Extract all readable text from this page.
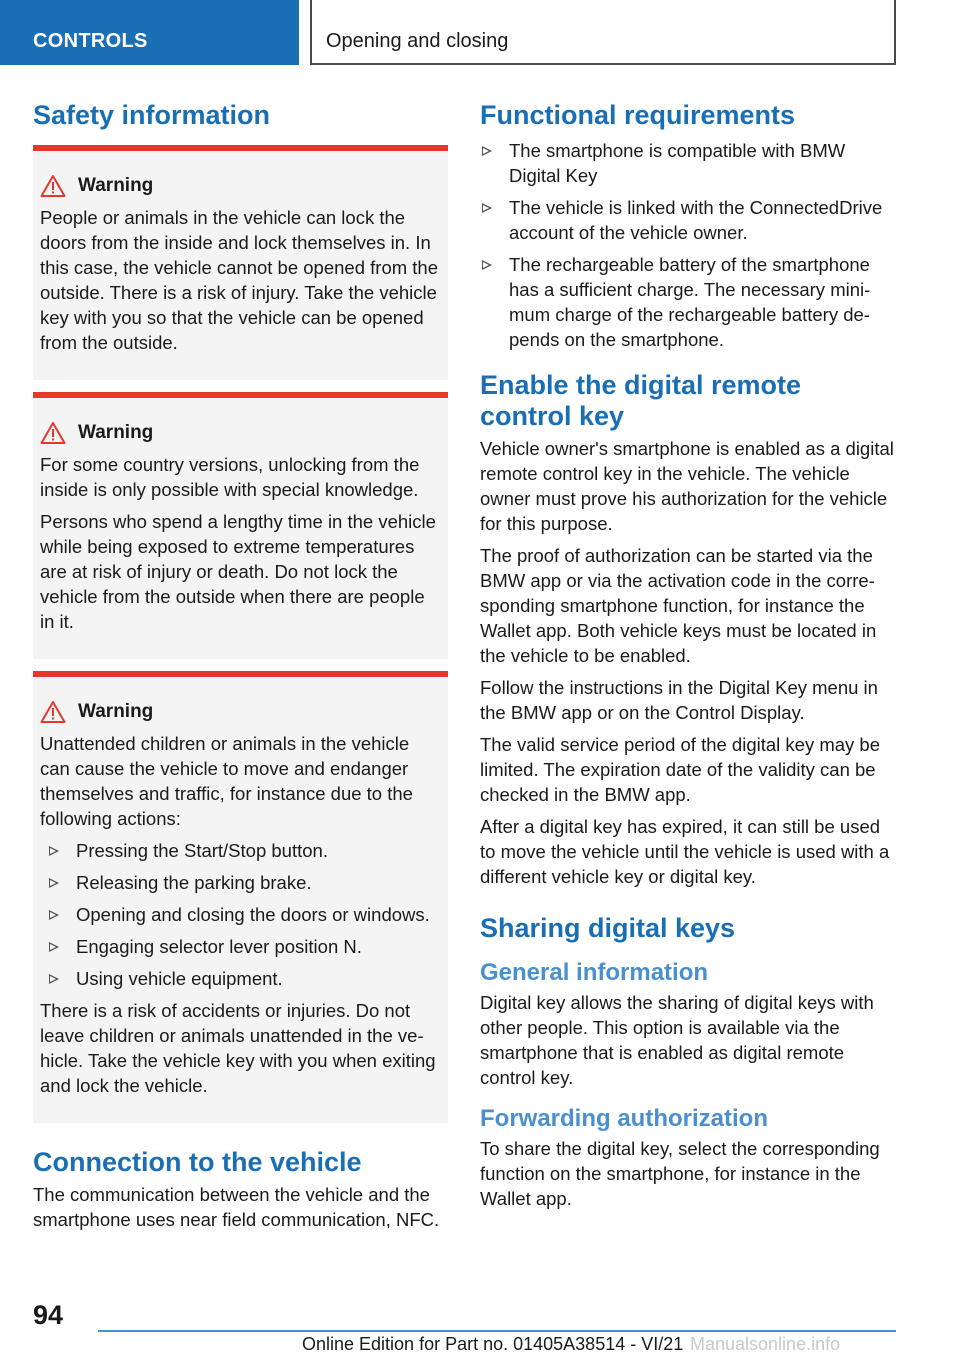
CONTROLS	Opening and closing
Safety information
Warning

People or animals in the vehicle can lock the doors from the inside and lock themselves in. In this case, the vehicle cannot be opened from the outside. There is a risk of injury. Take the vehicle key with you so that the vehicle can be opened from the outside.

Warning

For some country versions, unlocking from the inside is only possible with special knowledge.

Persons who spend a lengthy time in the vehicle while being exposed to extreme temperatures are at risk of injury or death. Do not lock the vehicle from the outside when there are people in it.

Warning

Unattended children or animals in the vehicle can cause the vehicle to move and endanger themselves and traffic, for instance due to the following actions:

Pressing the Start/Stop button.
Releasing the parking brake.
Opening and closing the doors or windows.
Engaging selector lever position N.
Using vehicle equipment.

There is a risk of accidents or injuries. Do not leave children or animals unattended in the vehicle. Take the vehicle key with you when exiting and lock the vehicle.

Connection to the vehicle

The communication between the vehicle and the smartphone uses near field communication, NFC.

Functional requirements
The smartphone is compatible with BMW Digital Key
The vehicle is linked with the ConnectedDrive account of the vehicle owner.
The rechargeable battery of the smartphone has a sufficient charge. The necessary minimum charge of the rechargeable battery depends on the smartphone.
Enable the digital remote control key

Vehicle owner's smartphone is enabled as a digital remote control key in the vehicle. The vehicle owner must prove his authorization for the vehicle for this purpose.

The proof of authorization can be started via the BMW app or via the activation code in the corresponding smartphone function, for instance the Wallet app. Both vehicle keys must be located in the vehicle to be enabled.

Follow the instructions in the Digital Key menu in the BMW app or on the Control Display.

The valid service period of the digital key may be limited. The expiration date of the validity can be checked in the BMW app.

After a digital key has expired, it can still be used to move the vehicle until the vehicle is used with a different vehicle key or digital key.

Sharing digital keys
General information

Digital key allows the sharing of digital keys with other people. This option is available via the smartphone that is enabled as digital remote control key.

Forwarding authorization

To share the digital key, select the corresponding function on the smartphone, for instance in the Wallet app.

94
Online Edition for Part no. 01405A38514 - VI/21 Manualsonline.info
